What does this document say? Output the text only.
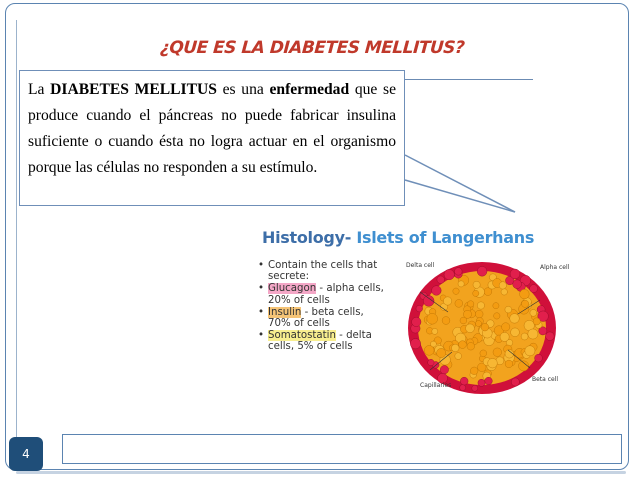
¿QUE ES LA DIABETES MELLITUS?
La DIABETES MELLITUS es una enfermedad que se produce cuando el páncreas no puede fabricar insulina suficiente o cuando ésta no logra actuar en el organismo porque las células no responden a su estímulo.
Histology- Islets of Langerhans
• Contain the cells that secrete:
• Glucagon - alpha cells, 20% of cells
• Insulin - beta cells, 70% of cells
• Somatostatin - delta cells, 5% of cells
Delta cell	Alpha cell
Beta cell
Capillaries
4
